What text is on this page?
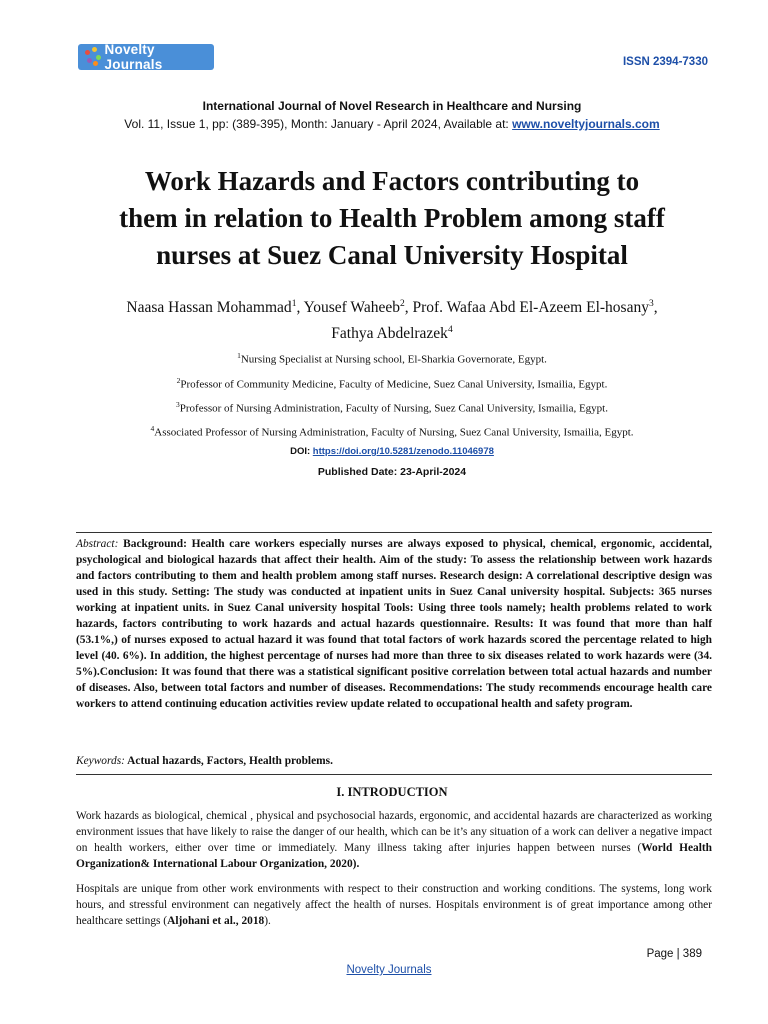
Novelty Journals	ISSN 2394-7330
International Journal of Novel Research in Healthcare and Nursing
Vol. 11, Issue 1, pp: (389-395), Month: January - April 2024, Available at: www.noveltyjournals.com
Work Hazards and Factors contributing to
them in relation to Health Problem among staff
nurses at Suez Canal University Hospital
Naasa Hassan Mohammad$^1$, Yousef Waheeb$^2$, Prof. Wafaa Abd El-Azeem El-hosany$^3$,
Fathya Abdelrazek$^4$
$^1$Nursing Specialist at Nursing school, El-Sharkia Governorate, Egypt.
$^2$Professor of Community Medicine, Faculty of Medicine, Suez Canal University, Ismailia, Egypt.
$^3$Professor of Nursing Administration, Faculty of Nursing, Suez Canal University, Ismailia, Egypt.
$^4$Associated Professor of Nursing Administration, Faculty of Nursing, Suez Canal University, Ismailia, Egypt.
DOI: https://doi.org/10.5281/zenodo.11046978
Published Date: 23-April-2024
Abstract: Background: Health care workers especially nurses are always exposed to physical, chemical, ergonomic, accidental, psychological and biological hazards that affect their health. Aim of the study: To assess the relationship between work hazards and factors contributing to them and health problem among staff nurses. Research design: A correlational descriptive design was used in this study. Setting: The study was conducted at inpatient units in Suez Canal university hospital. Subjects: 365 nurses working at inpatient units. in Suez Canal university hospital Tools: Using three tools namely; health problems related to work hazards, factors contributing to work hazards and actual hazards questionnaire. Results: It was found that more than half (53.1%,) of nurses exposed to actual hazard it was found that total factors of work hazards scored the percentage related to high level (40. 6%). In addition, the highest percentage of nurses had more than three to six diseases related to work hazards were (34. 5%).Conclusion: It was found that there was a statistical significant positive correlation between total actual hazards and number of diseases. Also, between total factors and number of diseases. Recommendations: The study recommends encourage health care workers to attend continuing education activities review update related to occupational health and safety program.
Keywords: Actual hazards, Factors, Health problems.
I. INTRODUCTION
Work hazards as biological, chemical , physical and psychosocial hazards, ergonomic, and accidental hazards are characterized as working environment issues that have likely to raise the danger of our health, which can be it’s any situation of a work can deliver a negative impact on health workers, either over time or immediately. Many illness taking after injuries happen between nurses (World Health Organization& International Labour Organization, 2020).
Hospitals are unique from other work environments with respect to their construction and working conditions. The systems, long work hours, and stressful environment can negatively affect the health of nurses. Hospitals environment is of great importance among other healthcare settings (Aljohani et al., 2018).
Page | 389
Novelty Journals
